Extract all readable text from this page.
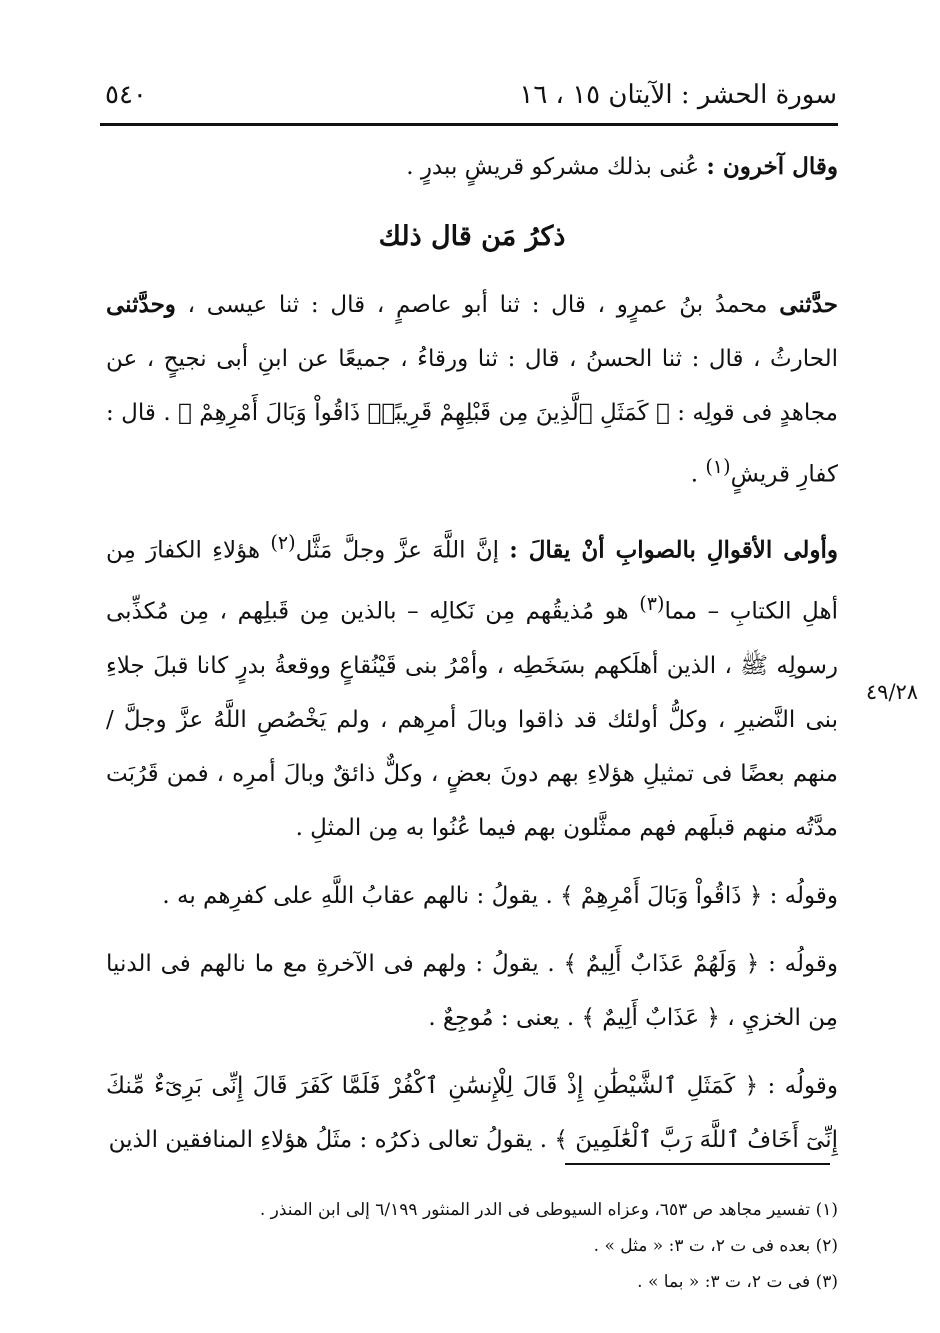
سورة الحشر : الآيتان ١٥ ، ١٦
٥٤٠

وقال آخرون : عُنى بذلك مشركو قريشٍ ببدرٍ .

ذكرُ مَن قال ذلك

حدَّثنى محمدُ بنُ عمرٍو ، قال : ثنا أبو عاصمٍ ، قال : ثنا عيسى ، وحدَّثنى الحارثُ ، قال : ثنا الحسنُ ، قال : ثنا ورقاءُ ، جميعًا عن ابنِ أبى نجيحٍ ، عن مجاهدٍ فى قولِه : ﴿ كَمَثَلِ ٱلَّذِينَ مِن قَبْلِهِمْ قَرِيبًاۖ ذَاقُواْ وَبَالَ أَمْرِهِمْ ﴾ . قال : كفارِ قريشٍ$^{(١)}$ .

وأولى الأقوالِ بالصوابِ أنْ يقالَ : إنَّ اللَّهَ عزَّ وجلَّ مَثَّل$^{(٢)}$ هؤلاءِ الكفارَ مِن أهلِ الكتابِ – مما$^{(٣)}$ هو مُذيقُهم مِن نَكالِه – بالذين مِن قَبلِهم ، مِن مُكذِّبى رسولِه ﷺ ، الذين أهلَكهم بسَخَطِه ، وأمْرُ بنى قَيْنُقاعٍ ووقعةُ بدرٍ كانا قبلَ جلاءِ بنى النَّضيرِ ، وكلُّ أولئك قد ذاقوا وبالَ أمرِهم ، ولم يَخْصُصِ اللَّهُ عزَّ وجلَّ / منهم بعضًا فى تمثيلِ هؤلاءِ بهم دونَ بعضٍ ، وكلٌّ ذائقٌ وبالَ أمرِه ، فمن قَرُبَت مدَّتُه منهم قبلَهم فهم ممثَّلون بهم فيما عُنُوا به مِن المثلِ .

وقولُه : ﴿ ذَاقُواْ وَبَالَ أَمْرِهِمْ ﴾ . يقولُ : نالهم عقابُ اللَّهِ على كفرِهم به .

وقولُه : ﴿ وَلَهُمْ عَذَابٌ أَلِيمٌ ﴾ . يقولُ : ولهم فى الآخرةِ مع ما نالهم فى الدنيا مِن الخزيِ ، ﴿ عَذَابٌ أَلِيمٌ ﴾ . يعنى : مُوجِعٌ .

وقولُه : ﴿ كَمَثَلِ ٱلشَّيْطَٰنِ إِذْ قَالَ لِلْإِنسَٰنِ ٱكْفُرْ فَلَمَّا كَفَرَ قَالَ إِنِّى بَرِىٓءٌ مِّنكَ إِنِّىٓ أَخَافُ ٱللَّهَ رَبَّ ٱلْعَٰلَمِينَ ﴾ . يقولُ تعالى ذكرُه : مثَلُ هؤلاءِ المنافقين الذين

٤٩/٢٨
(١) تفسير مجاهد ص ٦٥٣، وعزاه السيوطى فى الدر المنثور ٦/١٩٩ إلى ابن المنذر .
(٢) بعده فى ت ٢، ت ٣: « مثل » .
(٣) فى ت ٢، ت ٣: « بما » .
